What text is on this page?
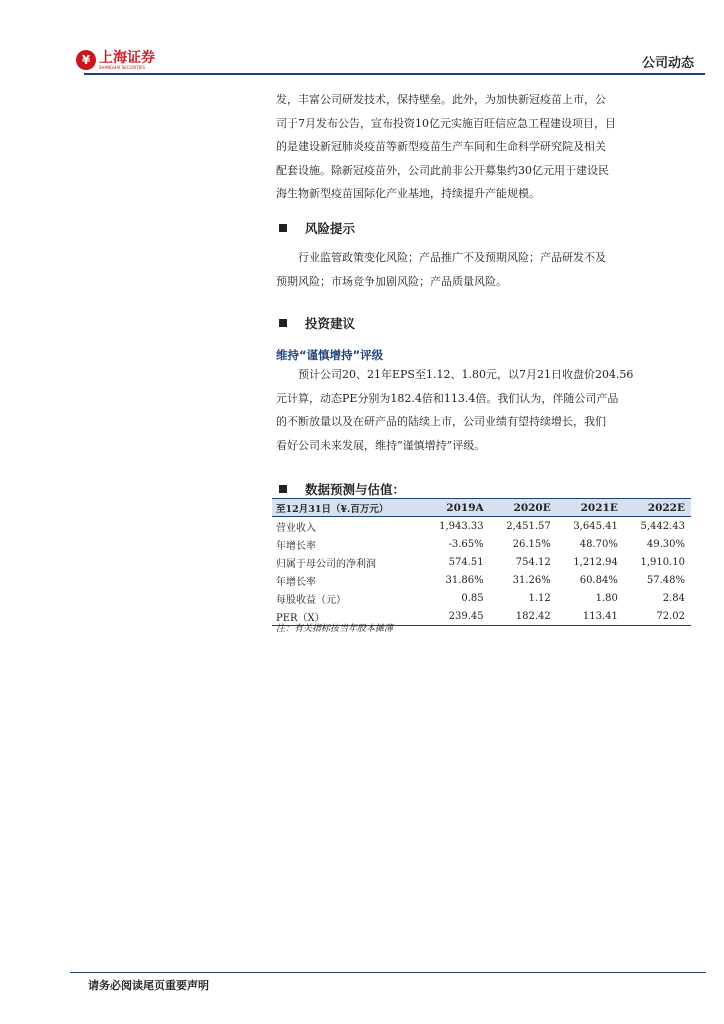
¥ 上海证券
SHANGHAI SECURITIES	公司动态
发，丰富公司研发技术，保持壁垒。此外，为加快新冠疫苗上市，公
司于7月发布公告，宣布投资10亿元实施百旺信应急工程建设项目，目
的是建设新冠肺炎疫苗等新型疫苗生产车间和生命科学研究院及相关
配套设施。除新冠疫苗外，公司此前非公开募集约30亿元用于建设民
海生物新型疫苗国际化产业基地，持续提升产能规模。
风险提示
行业监管政策变化风险；产品推广不及预期风险；产品研发不及
预期风险；市场竞争加剧风险；产品质量风险。
投资建议
维持“谨慎增持”评级
预计公司20、21年EPS至1.12、1.80元，以7月21日收盘价204.56
元计算，动态PE分别为182.4倍和113.4倍。我们认为，伴随公司产品
的不断放量以及在研产品的陆续上市，公司业绩有望持续增长，我们
看好公司未来发展，维持“谨慎增持”评级。
数据预测与估值：
至12月31日（¥.百万元）	2019A	2020E	2021E	2022E
营业收入	1,943.33	2,451.57	3,645.41	5,442.43
年增长率	-3.65%	26.15%	48.70%	49.30%
归属于母公司的净利润	574.51	754.12	1,212.94	1,910.10
年增长率	31.86%	31.26%	60.84%	57.48%
每股收益（元）	0.85	1.12	1.80	2.84
PER（X）	239.45	182.42	113.41	72.02
注：有关指标按当年股本摊薄
请务必阅读尾页重要声明
